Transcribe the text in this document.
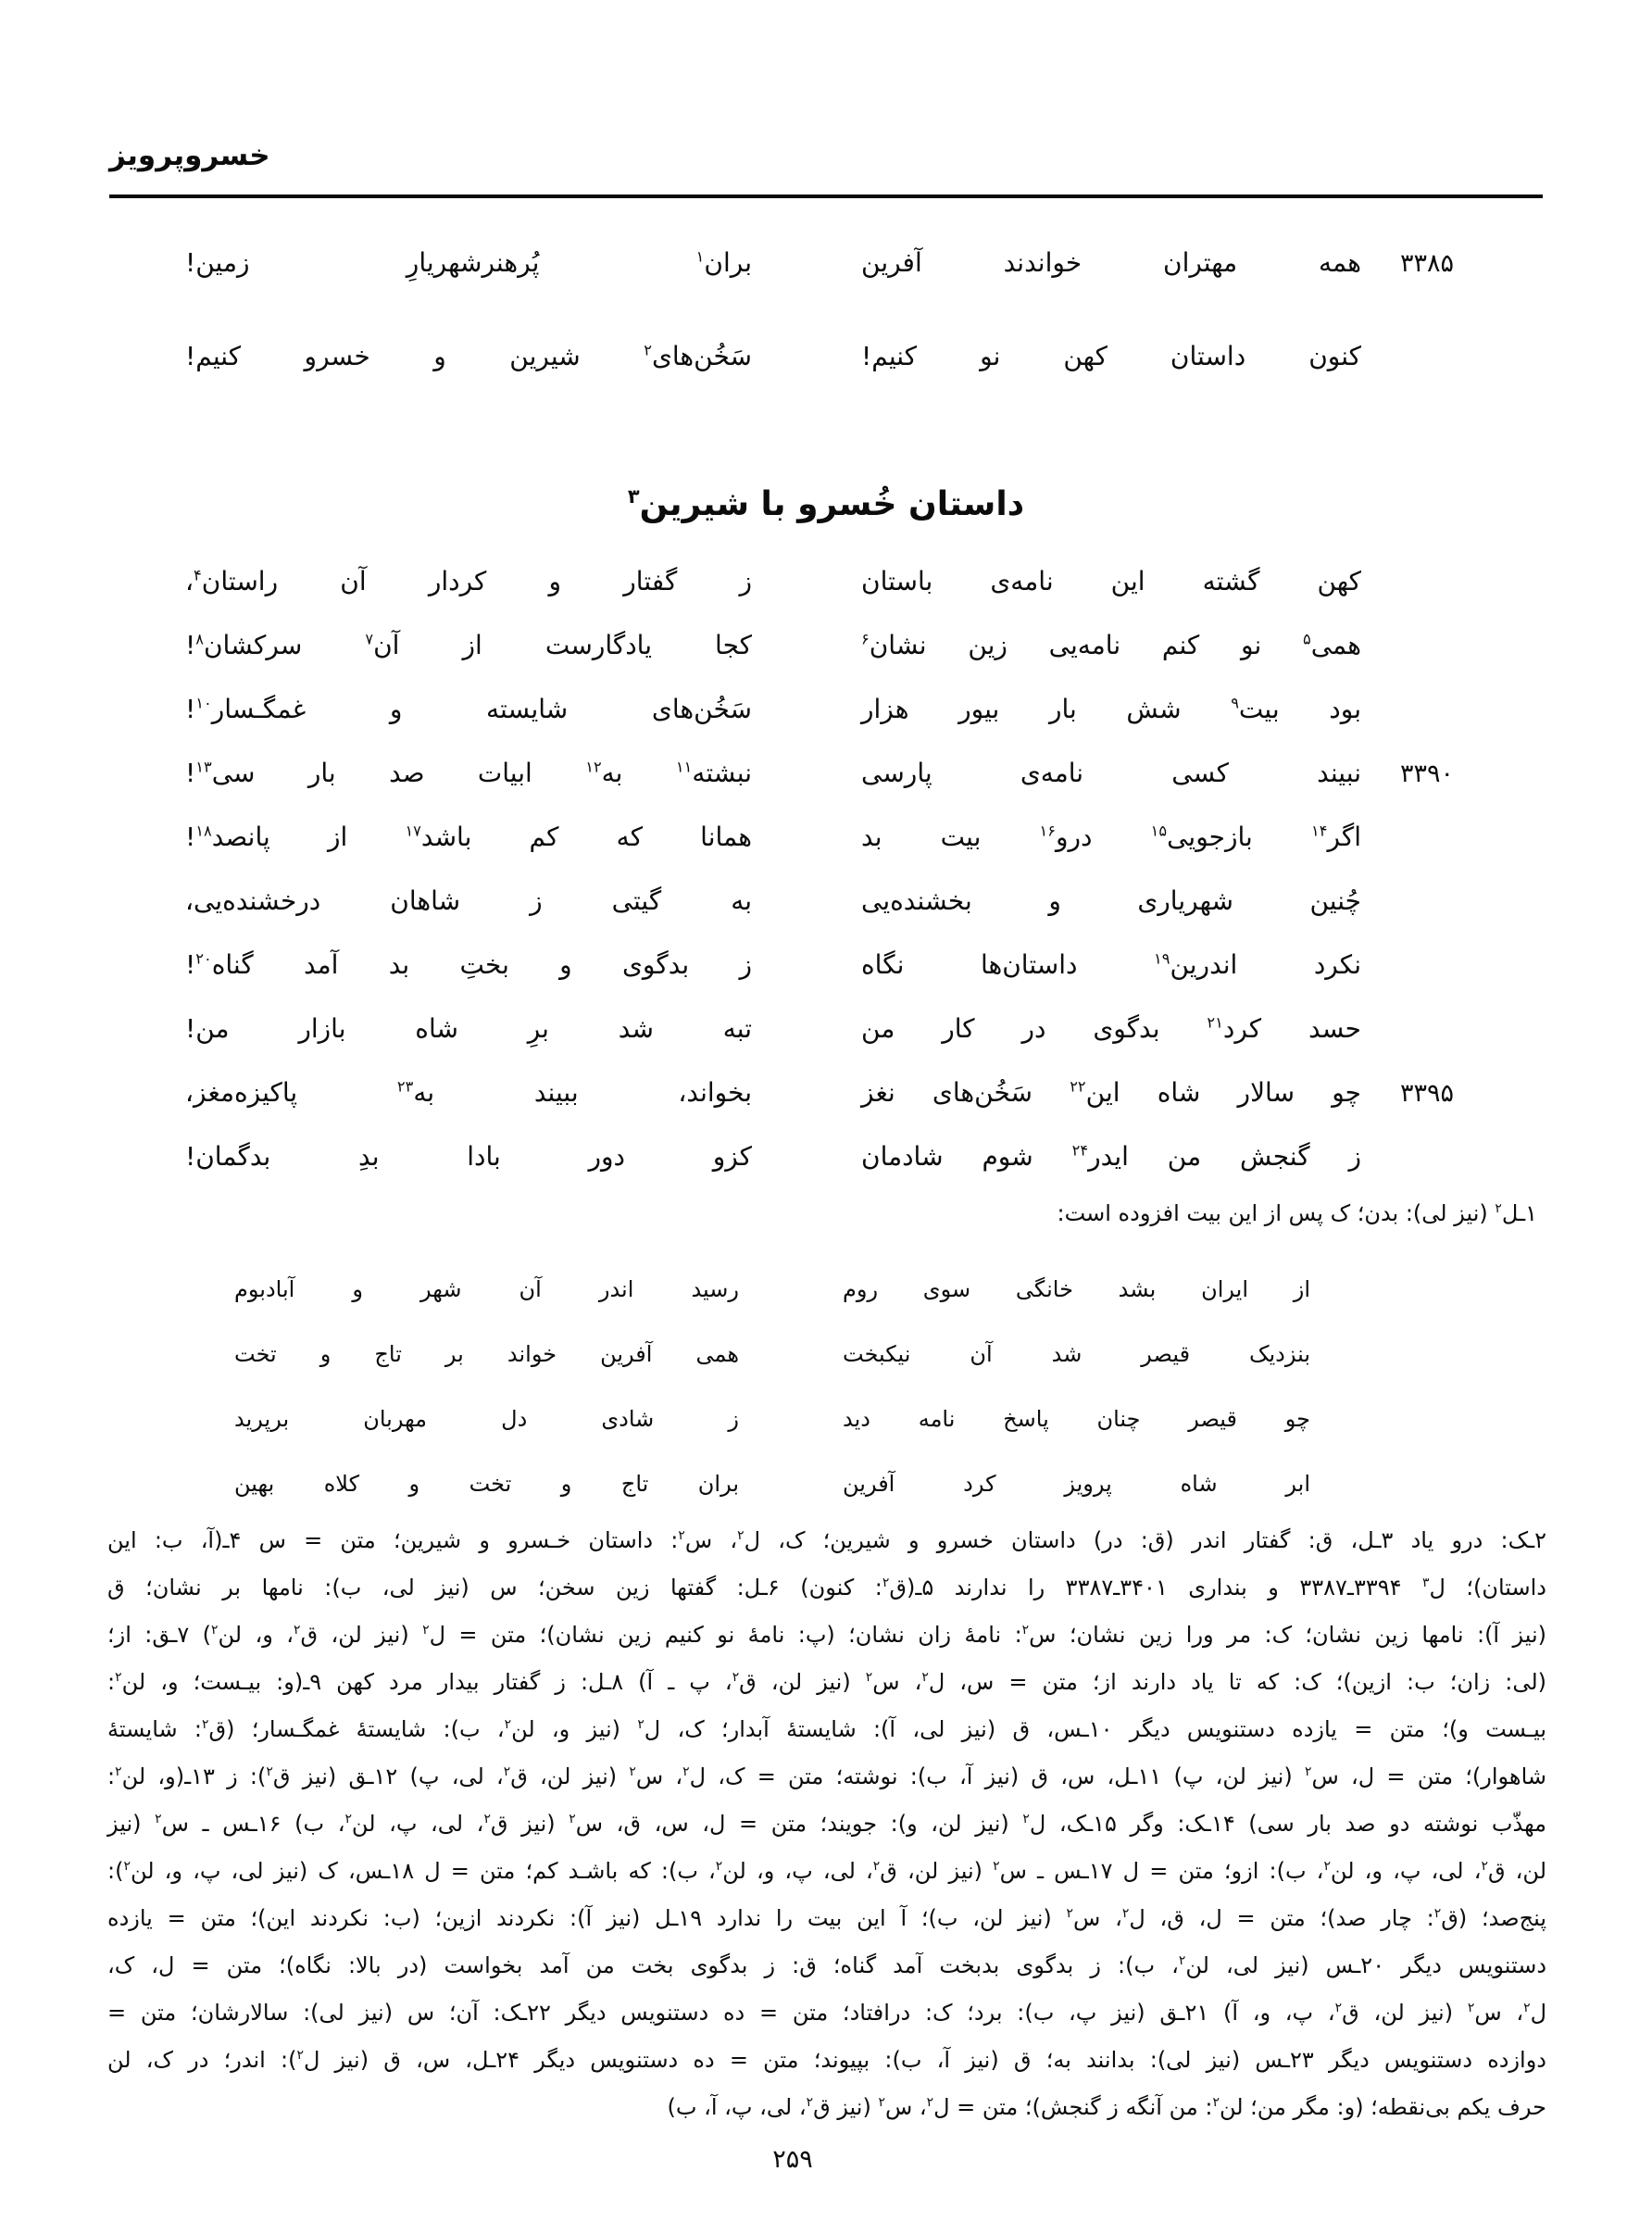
خسروپرویز
۳۳۸۵
همه مهتران خواندند آفرین
بران$^۱$ پُرهنرشهریارِ زمین!
کنون داستان کهن نو کنیم!
سَخُن‌های$^۲$ شیرین و خسرو کنیم!
داستان خُسرو با شیرین$^۳$
کهن گشته این نامه‌ی باستان
ز گفتار و کردار آن راستان$^۴$،
همی$^۵$ نو کنم نامه‌یی زین نشان$^۶$
کجا یادگارست از آن$^۷$ سرکشان$^۸$!
بود بیت$^۹$ شش بار بیور هزار
سَخُن‌های شایسته و غمگـسار$^{۱۰}$!
۳۳۹۰
نبیند کسی نامه‌ی پارسی
نبشته$^{۱۱}$ به$^{۱۲}$ ابیات صد بار سی$^{۱۳}$!
اگر$^{۱۴}$ بازجویی$^{۱۵}$ درو$^{۱۶}$ بیت بد
همانا که کم باشد$^{۱۷}$ از پانصد$^{۱۸}$!
چُنین شهریاری و بخشنده‌یی
به گیتی ز شاهان درخشنده‌یی،
نکرد اندرین$^{۱۹}$ داستان‌ها نگاه
ز بدگوی و بختِ بد آمد گناه$^{۲۰}$!
حسد کرد$^{۲۱}$ بدگوی در کار من
تبه شد برِ شاه بازار من!
۳۳۹۵
چو سالار شاه این$^{۲۲}$ سَخُن‌های نغز
بخواند، ببیند به$^{۲۳}$ پاکیزه‌مغز،
ز گنجش من ایدر$^{۲۴}$ شوم شادمان
کزو دور بادا بدِ بدگمان!
۱ـل$^۲$ (نیز لی): بدن؛ ک پس از این بیت افزوده است:
از ایران بشد خانگی سوی روم
رسید اندر آن شهر و آبادبوم
بنزدیک قیصر شد آن نیکبخت
همی آفرین خواند بر تاج و تخت
چو قیصر چنان پاسخ نامه دید
ز شادی دل مهربان برپرید
ابر شاه پرویز کرد آفرین
بران تاج و تخت و کلاه بهین
۲ـک: درو یاد ۳ـل، ق: گفتار اندر (ق: در) داستان خسرو و شیرین؛ ک، ل$^۲$، س$^۲$: داستان خـسرو و شیرین؛ متن = س ۴ـ(آ، ب: این
داستان)؛ ل$^۳$ ۳۳۹۴ـ۳۳۸۷ و بنداری ۳۴۰۱ـ۳۳۸۷ را ندارند ۵ـ(ق$^۲$: کنون) ۶ـل: گفتها زین سخن؛ س (نیز لی، ب): نامها بر نشان؛ ق
(نیز آ): نامها زین نشان؛ ک: مر ورا زین نشان؛ س$^۲$: نامهٔ زان نشان؛ (پ: نامهٔ نو کنیم زین نشان)؛ متن = ل$^۲$ (نیز لن، ق$^۲$، و، لن$^۲$) ۷ـق: از؛
(لی: زان؛ ب: ازین)؛ ک: که تا یاد دارند از؛ متن = س، ل$^۲$، س$^۲$ (نیز لن، ق$^۲$، پ ـ آ) ۸ـل: ز گفتار بیدار مرد کهن ۹ـ(و: بیـست؛ و، لن$^۲$:
بیـست و)؛ متن = یازده دستنویس دیگر ۱۰ـس، ق (نیز لی، آ): شایستهٔ آبدار؛ ک، ل$^۲$ (نیز و، لن$^۲$، ب): شایستهٔ غمگـسار؛ (ق$^۲$: شایستهٔ
شاهوار)؛ متن = ل، س$^۲$ (نیز لن، پ) ۱۱ـل، س، ق (نیز آ، ب): نوشته؛ متن = ک، ل$^۲$، س$^۲$ (نیز لن، ق$^۲$، لی، پ) ۱۲ـق (نیز ق$^۲$): ز ۱۳ـ(و، لن$^۲$:
مهذّب نوشته دو صد بار سی) ۱۴ـک: وگر ۱۵ـک، ل$^۲$ (نیز لن، و): جویند؛ متن = ل، س، ق، س$^۲$ (نیز ق$^۲$، لی، پ، لن$^۲$، ب) ۱۶ـس ـ س$^۲$ (نیز
لن، ق$^۲$، لی، پ، و، لن$^۲$، ب): ازو؛ متن = ل ۱۷ـس ـ س$^۲$ (نیز لن، ق$^۲$، لی، پ، و، لن$^۲$، ب): که باشـد کم؛ متن = ل ۱۸ـس، ک (نیز لی، پ، و، لن$^۲$):
پنج‌صد؛ (ق$^۲$: چار صد)؛ متن = ل، ق، ل$^۲$، س$^۲$ (نیز لن، ب)؛ آ این بیت را ندارد ۱۹ـل (نیز آ): نکردند ازین؛ (ب: نکردند این)؛ متن = یازده
دستنویس دیگر ۲۰ـس (نیز لی، لن$^۲$، ب): ز بدگوی بدبخت آمد گناه؛ ق: ز بدگوی بخت من آمد بخواست (در بالا: نگاه)؛ متن = ل، ک،
ل$^۲$، س$^۲$ (نیز لن، ق$^۲$، پ، و، آ) ۲۱ـق (نیز پ، ب): برد؛ ک: درافتاد؛ متن = ده دستنویس دیگر ۲۲ـک: آن؛ س (نیز لی): سالارشان؛ متن =
دوازده دستنویس دیگر ۲۳ـس (نیز لی): بدانند به؛ ق (نیز آ، ب): بپیوند؛ متن = ده دستنویس دیگر ۲۴ـل، س، ق (نیز ل$^۲$): اندر؛ در ک، لن
حرف یکم بی‌نقطه؛ (و: مگر من؛ لن$^۲$: من آنگه ز گنجش)؛ متن = ل$^۲$، س$^۲$ (نیز ق$^۲$، لی، پ، آ، ب)
۲۵۹
